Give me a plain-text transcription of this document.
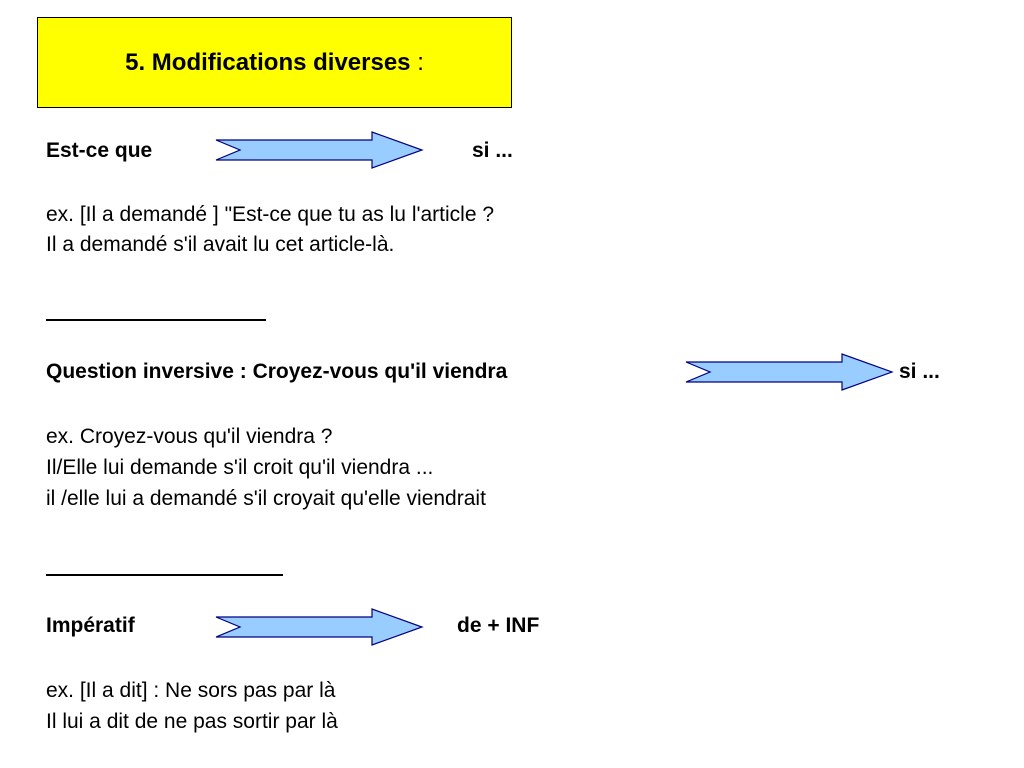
5. Modifications diverses :
Est-ce que	si ...
ex. [Il a demandé ] "Est-ce que tu as lu l'article ?
Il a demandé s'il avait lu cet article-là.
Question inversive : Croyez-vous qu'il viendra	si ...
ex. Croyez-vous qu'il viendra ?
Il/Elle lui demande s'il croit qu'il viendra ...
il /elle lui a demandé s'il croyait qu'elle viendrait
Impératif	de + INF
ex. [Il a dit] : Ne sors pas par là
Il lui a dit de ne pas sortir par là
